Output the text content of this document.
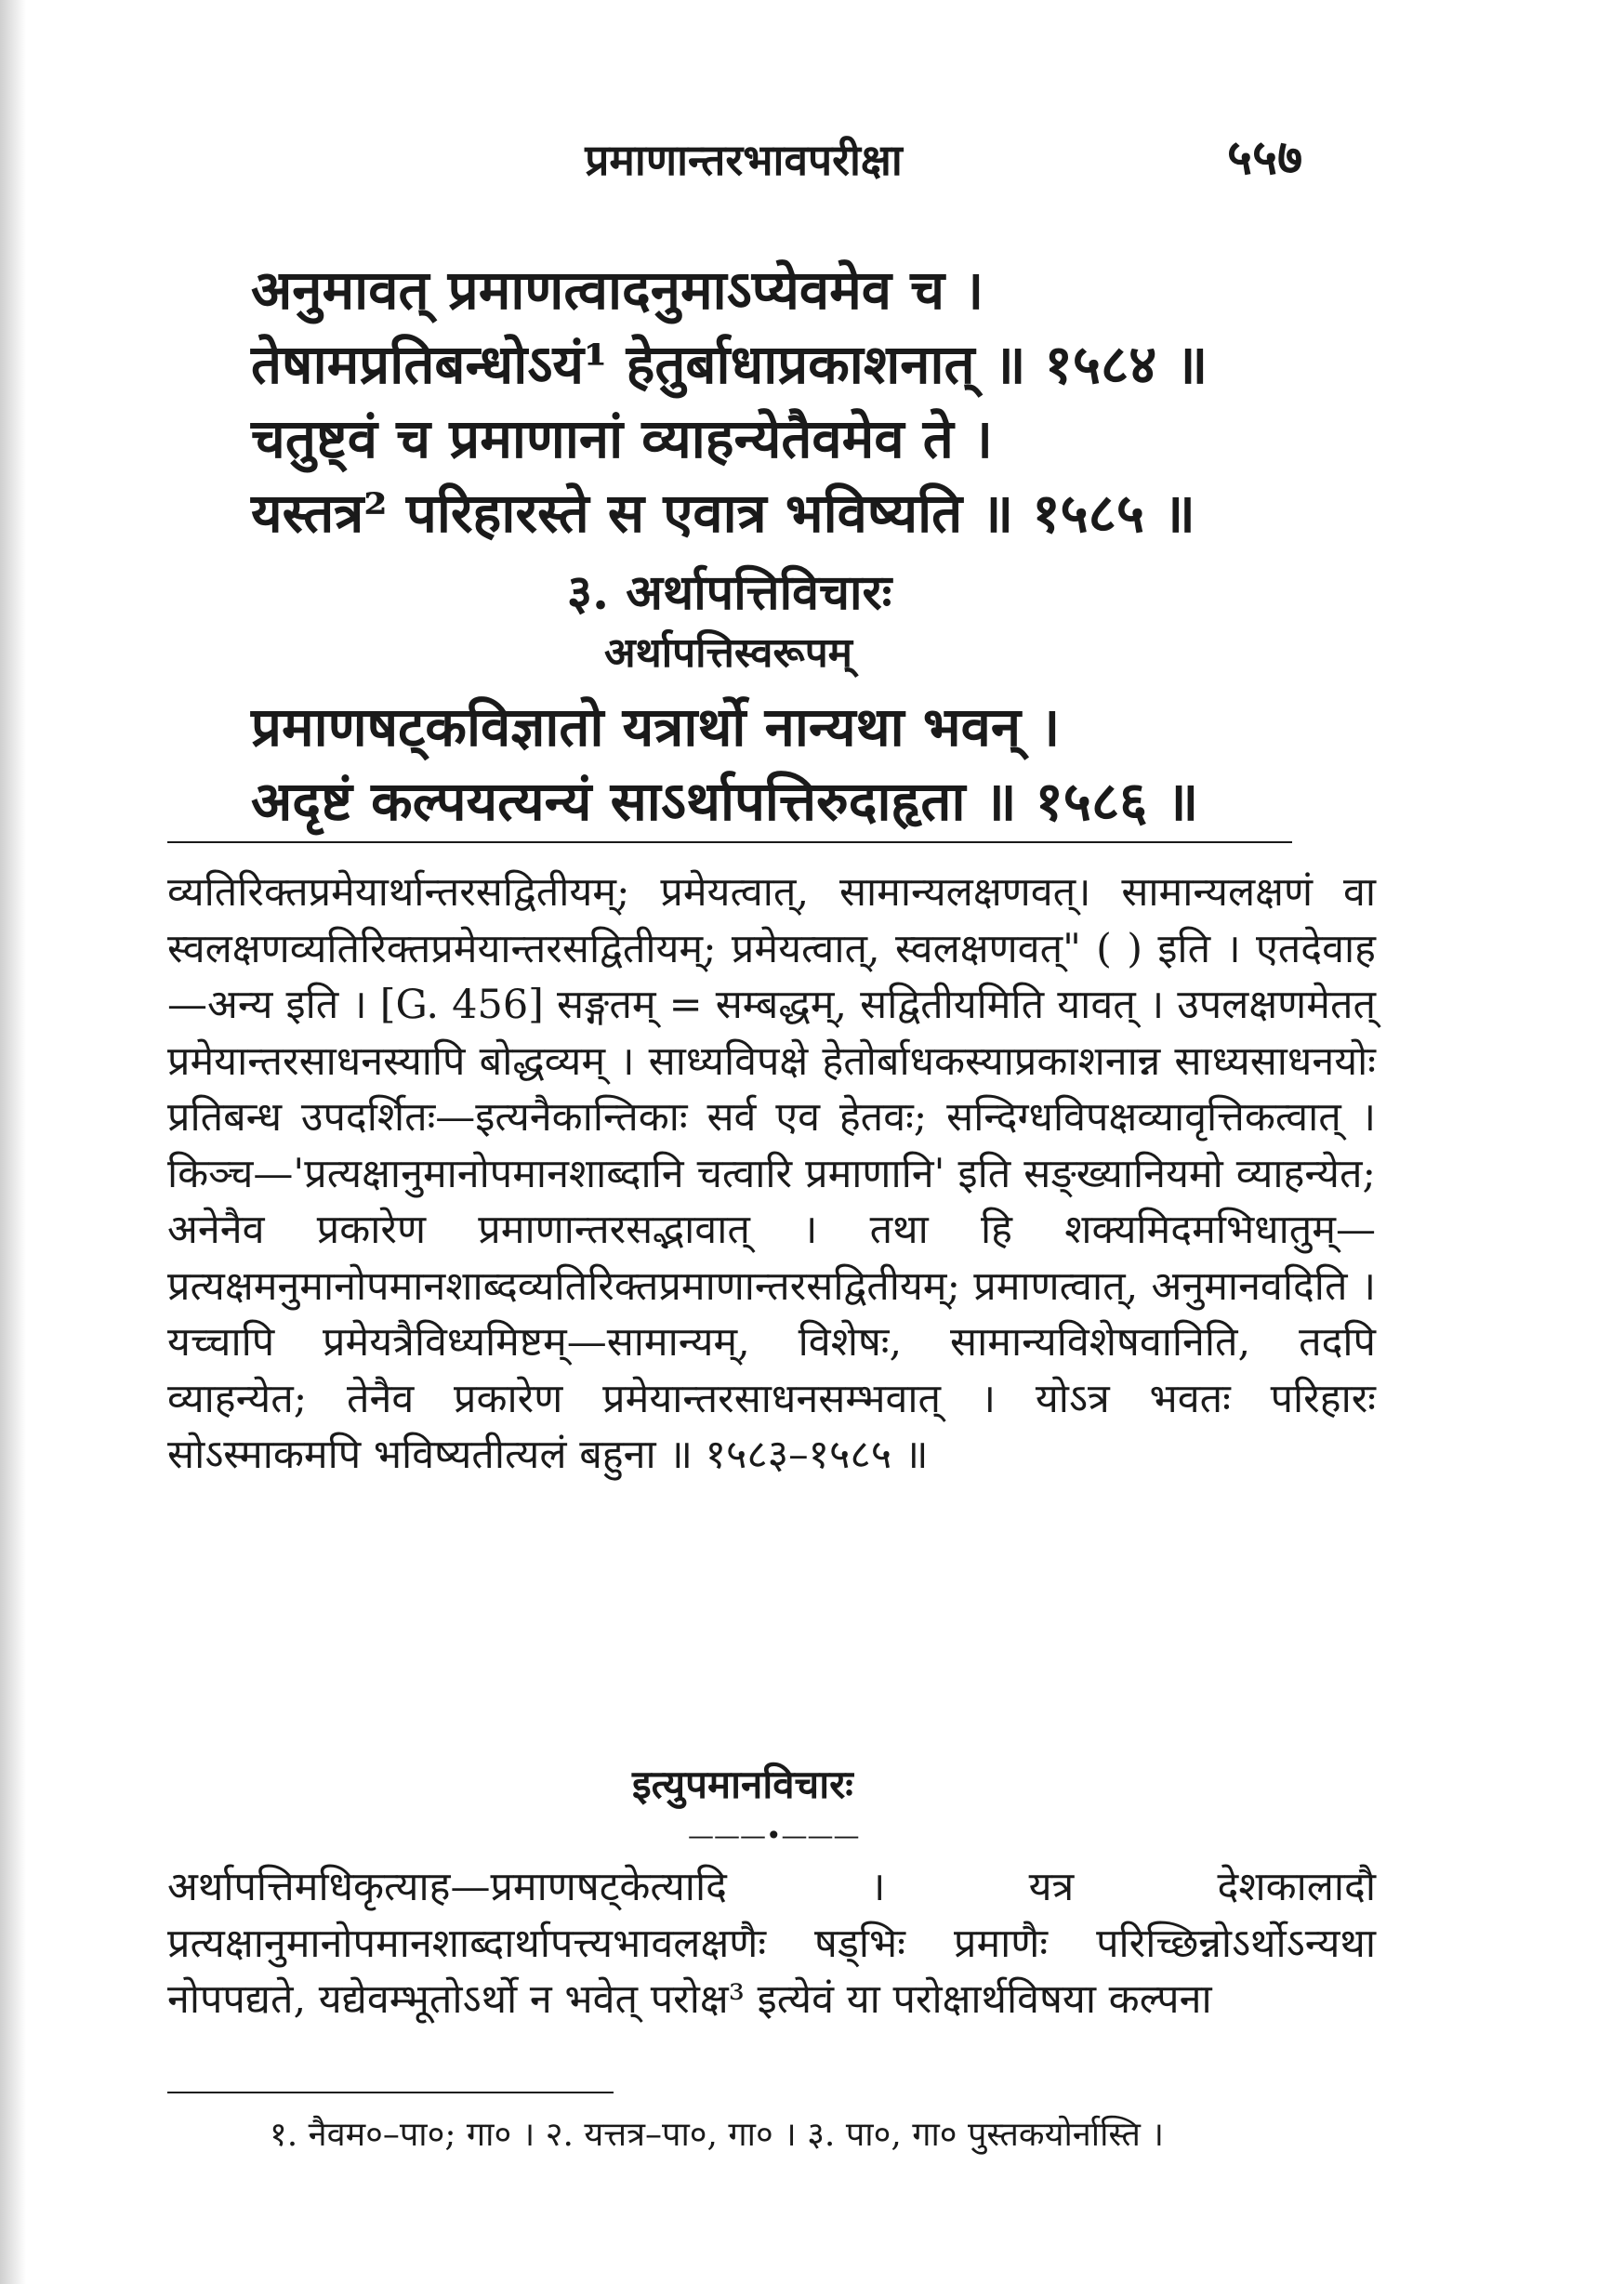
प्रमाणान्तरभावपरीक्षा	५५७
अनुमावत् प्रमाणत्वादनुमाऽप्येवमेव च ।
तेषामप्रतिबन्धोऽयं¹ हेतुर्बाधाप्रकाशनात् ॥ १५८४ ॥
चतुष्ट्वं च प्रमाणानां व्याहन्येतैवमेव ते ।
यस्तत्र² परिहारस्ते स एवात्र भविष्यति ॥ १५८५ ॥
३. अर्थापत्तिविचारः
अर्थापत्तिस्वरूपम्
प्रमाणषट्कविज्ञातो यत्रार्थो नान्यथा भवन् ।
अदृष्टं कल्पयत्यन्यं साऽर्थापत्तिरुदाहृता ॥ १५८६ ॥
व्यतिरिक्तप्रमेयार्थान्तरसद्वितीयम्; प्रमेयत्वात्, सामान्यलक्षणवत्। सामान्यलक्षणं वा स्वलक्षणव्यतिरिक्तप्रमेयान्तरसद्वितीयम्; प्रमेयत्वात्, स्वलक्षणवत्" ( ) इति । एतदेवाह—अन्य इति । [G. 456] सङ्गतम् = सम्बद्धम्, सद्वितीयमिति यावत् । उपलक्षणमेतत् प्रमेयान्तरसाधनस्यापि बोद्धव्यम् । साध्यविपक्षे हेतोर्बाधकस्याप्रकाशनान्न साध्यसाधनयोः प्रतिबन्ध उपदर्शितः—इत्यनैकान्तिकाः सर्व एव हेतवः; सन्दिग्धविपक्षव्यावृत्तिकत्वात् । किञ्च—'प्रत्यक्षानुमानोपमानशाब्दानि चत्वारि प्रमाणानि' इति सङ्ख्यानियमो व्याहन्येत; अनेनैव प्रकारेण प्रमाणान्तरसद्भावात् । तथा हि शक्यमिदमभिधातुम्—प्रत्यक्षमनुमानोपमानशाब्दव्यतिरिक्तप्रमाणान्तरसद्वितीयम्; प्रमाणत्वात्, अनुमानवदिति । यच्चापि प्रमेयत्रैविध्यमिष्टम्—सामान्यम्, विशेषः, सामान्यविशेषवानिति, तदपि व्याहन्येत; तेनैव प्रकारेण प्रमेयान्तरसाधनसम्भवात् । योऽत्र भवतः परिहारः सोऽस्माकमपि भविष्यतीत्यलं बहुना ॥ १५८३–१५८५ ॥
इत्युपमानविचारः
———•———
अर्थापत्तिमधिकृत्याह—प्रमाणषट्केत्यादि । यत्र देशकालादौ प्रत्यक्षानुमानोपमानशाब्दार्थापत्त्यभावलक्षणैः षड्भिः प्रमाणैः परिच्छिन्नोऽर्थोऽन्यथा नोपपद्यते, यद्येवम्भूतोऽर्थो न भवेत् परोक्ष³ इत्येवं या परोक्षार्थविषया कल्पना
१. नैवम०–पा०; गा० । २. यत्तत्र–पा०, गा० । ३. पा०, गा० पुस्तकयोर्नास्ति ।
